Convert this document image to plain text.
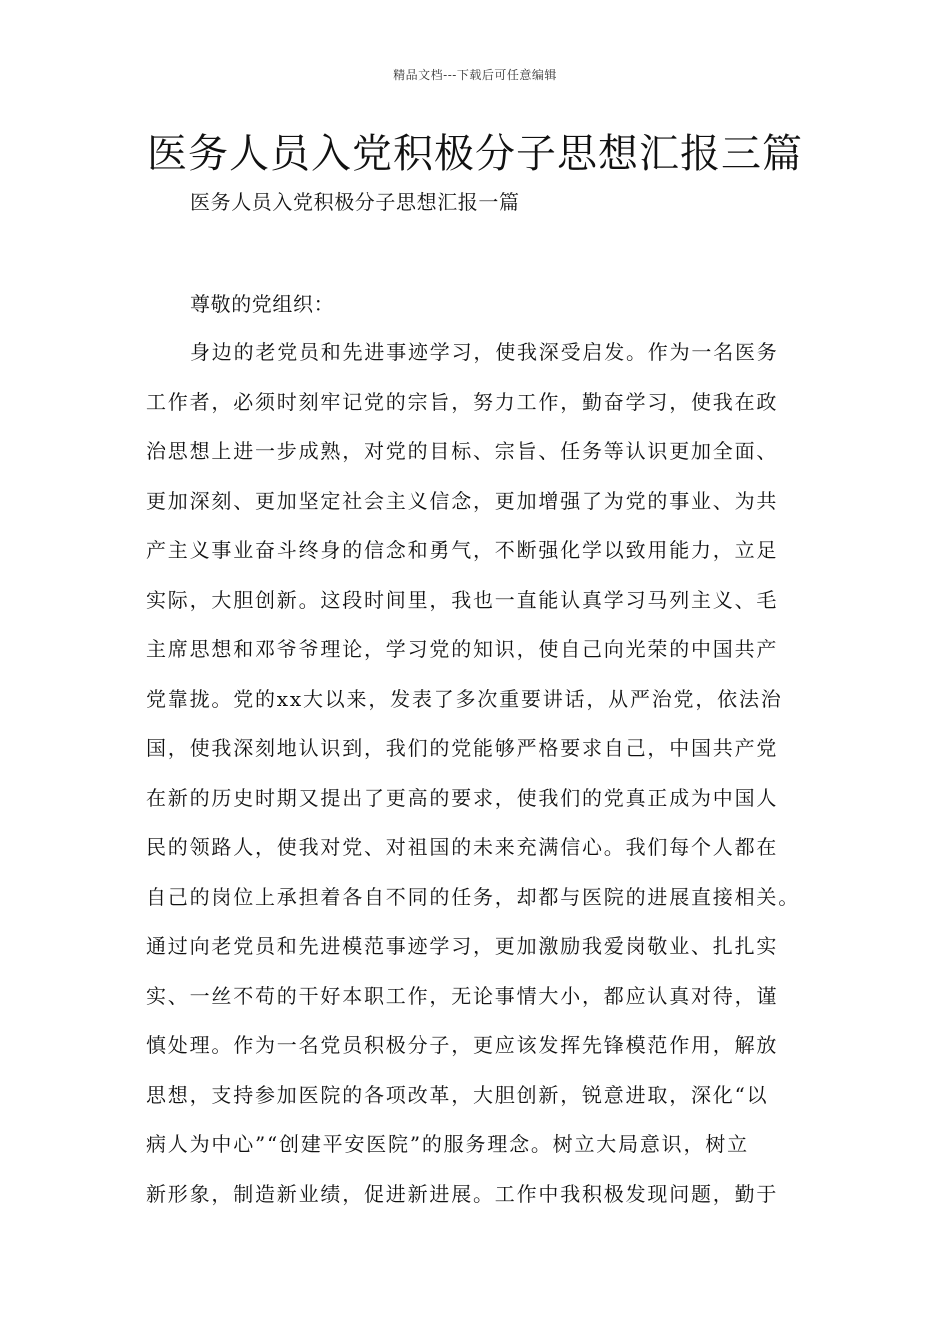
精品文档---下载后可任意编辑
医务人员入党积极分子思想汇报三篇
医务人员入党积极分子思想汇报一篇
尊敬的党组织：
身边的老党员和先进事迹学习，使我深受启发。作为一名医务
工作者，必须时刻牢记党的宗旨，努力工作，勤奋学习，使我在政
治思想上进一步成熟，对党的目标、宗旨、任务等认识更加全面、
更加深刻、更加坚定社会主义信念，更加增强了为党的事业、为共
产主义事业奋斗终身的信念和勇气，不断强化学以致用能力，立足
实际，大胆创新。这段时间里，我也一直能认真学习马列主义、毛
主席思想和邓爷爷理论，学习党的知识，使自己向光荣的中国共产
党靠拢。党的xx大以来，发表了多次重要讲话，从严治党，依法治
国，使我深刻地认识到，我们的党能够严格要求自己，中国共产党
在新的历史时期又提出了更高的要求，使我们的党真正成为中国人
民的领路人，使我对党、对祖国的未来充满信心。我们每个人都在
自己的岗位上承担着各自不同的任务，却都与医院的进展直接相关。
通过向老党员和先进模范事迹学习，更加激励我爱岗敬业、扎扎实
实、一丝不苟的干好本职工作，无论事情大小，都应认真对待，谨
慎处理。作为一名党员积极分子，更应该发挥先锋模范作用，解放
思想，支持参加医院的各项改革，大胆创新，锐意进取，深化“以
病人为中心”“创建平安医院”的服务理念。树立大局意识，树立
新形象，制造新业绩，促进新进展。工作中我积极发现问题，勤于
